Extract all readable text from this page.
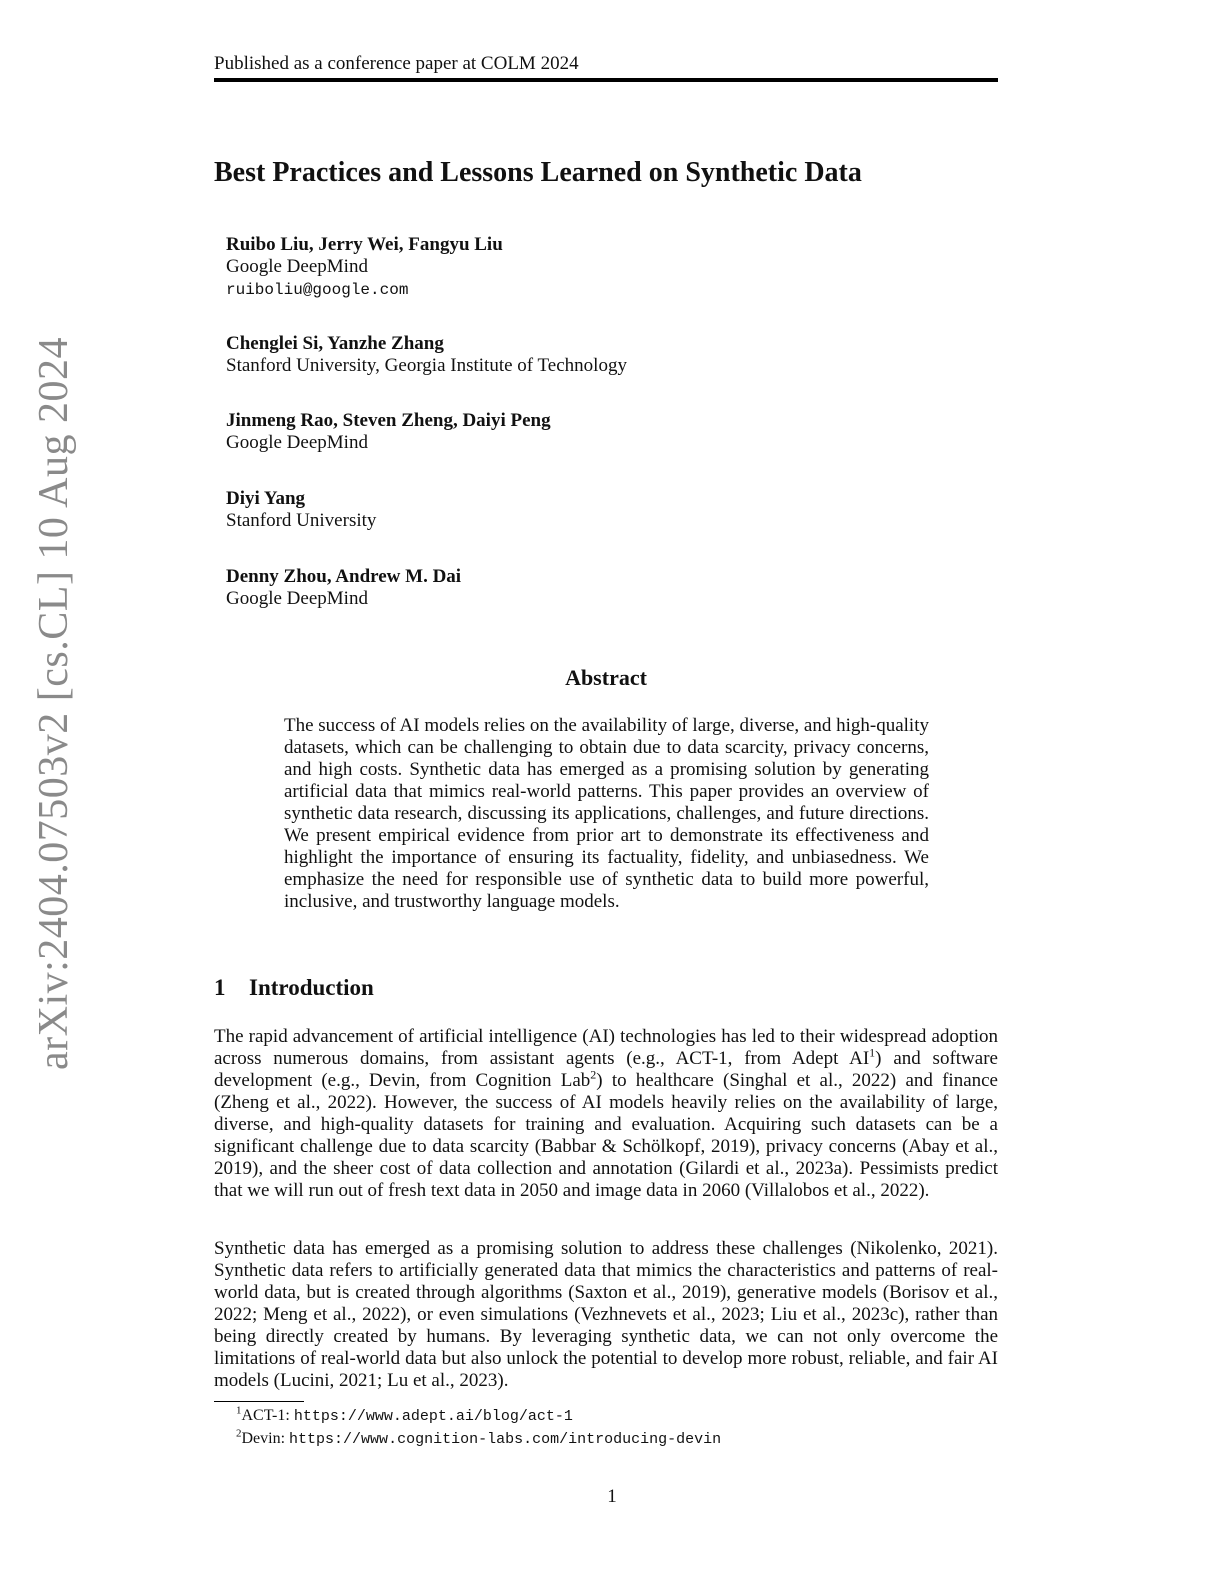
Published as a conference paper at COLM 2024
arXiv:2404.07503v2 [cs.CL] 10 Aug 2024
Best Practices and Lessons Learned on Synthetic Data
Ruibo Liu, Jerry Wei, Fangyu Liu
Google DeepMind
ruiboliu@google.com
Chenglei Si, Yanzhe Zhang
Stanford University, Georgia Institute of Technology
Jinmeng Rao, Steven Zheng, Daiyi Peng
Google DeepMind
Diyi Yang
Stanford University
Denny Zhou, Andrew M. Dai
Google DeepMind
Abstract

The success of AI models relies on the availability of large, diverse, and high-quality datasets, which can be challenging to obtain due to data scarcity, privacy concerns, and high costs. Synthetic data has emerged as a promising solution by generating artificial data that mimics real-world patterns. This paper provides an overview of synthetic data research, discussing its applications, challenges, and future directions. We present empirical evidence from prior art to demonstrate its effectiveness and highlight the importance of ensuring its factuality, fidelity, and unbiasedness. We emphasize the need for responsible use of synthetic data to build more powerful, inclusive, and trustworthy language models.

1 Introduction

The rapid advancement of artificial intelligence (AI) technologies has led to their widespread adoption across numerous domains, from assistant agents (e.g., ACT-1, from Adept $AI^1$) and software development (e.g., Devin, from Cognition Lab$^2$) to healthcare (Singhal et al., 2022) and finance (Zheng et al., 2022). However, the success of AI models heavily relies on the availability of large, diverse, and high-quality datasets for training and evaluation. Acquiring such datasets can be a significant challenge due to data scarcity (Babbar & Schölkopf, 2019), privacy concerns (Abay et al., 2019), and the sheer cost of data collection and annotation (Gilardi et al., 2023a). Pessimists predict that we will run out of fresh text data in 2050 and image data in 2060 (Villalobos et al., 2022).

Synthetic data has emerged as a promising solution to address these challenges (Nikolenko, 2021). Synthetic data refers to artificially generated data that mimics the characteristics and patterns of real-world data, but is created through algorithms (Saxton et al., 2019), generative models (Borisov et al., 2022; Meng et al., 2022), or even simulations (Vezhnevets et al., 2023; Liu et al., 2023c), rather than being directly created by humans. By leveraging synthetic data, we can not only overcome the limitations of real-world data but also unlock the potential to develop more robust, reliable, and fair AI models (Lucini, 2021; Lu et al., 2023).

$^1$ACT-1: https://www.adept.ai/blog/act-1
$^2$Devin: https://www.cognition-labs.com/introducing-devin
1
